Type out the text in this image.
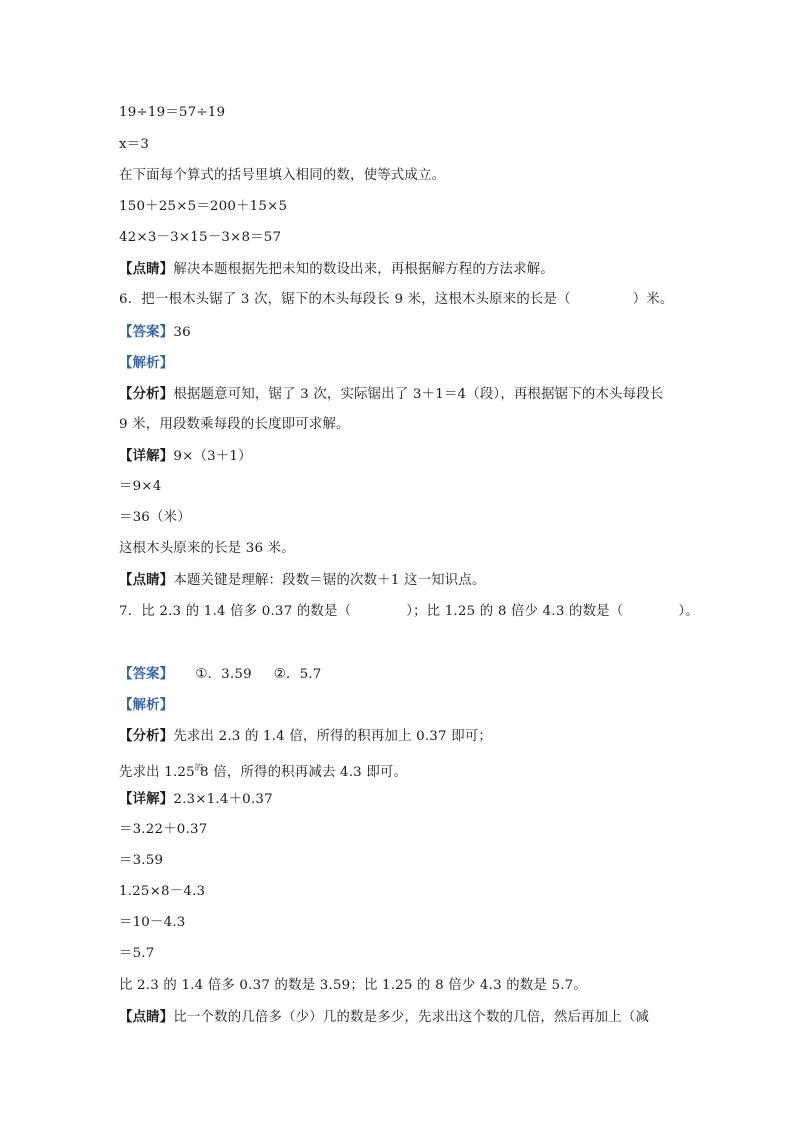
19÷19＝57÷19
x＝3
在下面每个算式的括号里填入相同的数，使等式成立。
150＋25×5＝200＋15×5
42×3－3×15－3×8＝57
【点睛】解决本题根据先把未知的数设出来，再根据解方程的方法求解。
6．把一根木头锯了 3 次，锯下的木头每段长 9 米，这根木头原来的长是（	）米。
【答案】36
【解析】
【分析】根据题意可知，锯了 3 次，实际锯出了 3＋1＝4（段），再根据锯下的木头每段长
9 米，用段数乘每段的长度即可求解。
【详解】9×（3＋1）
＝9×4
＝36（米）
这根木头原来的长是 36 米。
【点睛】本题关键是理解：段数＝锯的次数＋1 这一知识点。
7．比 2.3 的 1.4 倍多 0.37 的数是（	）；比 1.25 的 8 倍少 4.3 的数是（	）。
【答案】 ①．3.59 ②．5.7
【解析】
【分析】先求出 2.3 的 1.4 倍，所得的积再加上 0.37 即可；
先求出 $1.25^的8$ 倍，所得的积再减去 4.3 即可。
【详解】2.3×1.4＋0.37
＝3.22＋0.37
＝3.59
1.25×8－4.3
＝10－4.3
＝5.7
比 2.3 的 1.4 倍多 0.37 的数是 3.59；比 1.25 的 8 倍少 4.3 的数是 5.7。
【点睛】比一个数的几倍多（少）几的数是多少，先求出这个数的几倍，然后再加上（减
